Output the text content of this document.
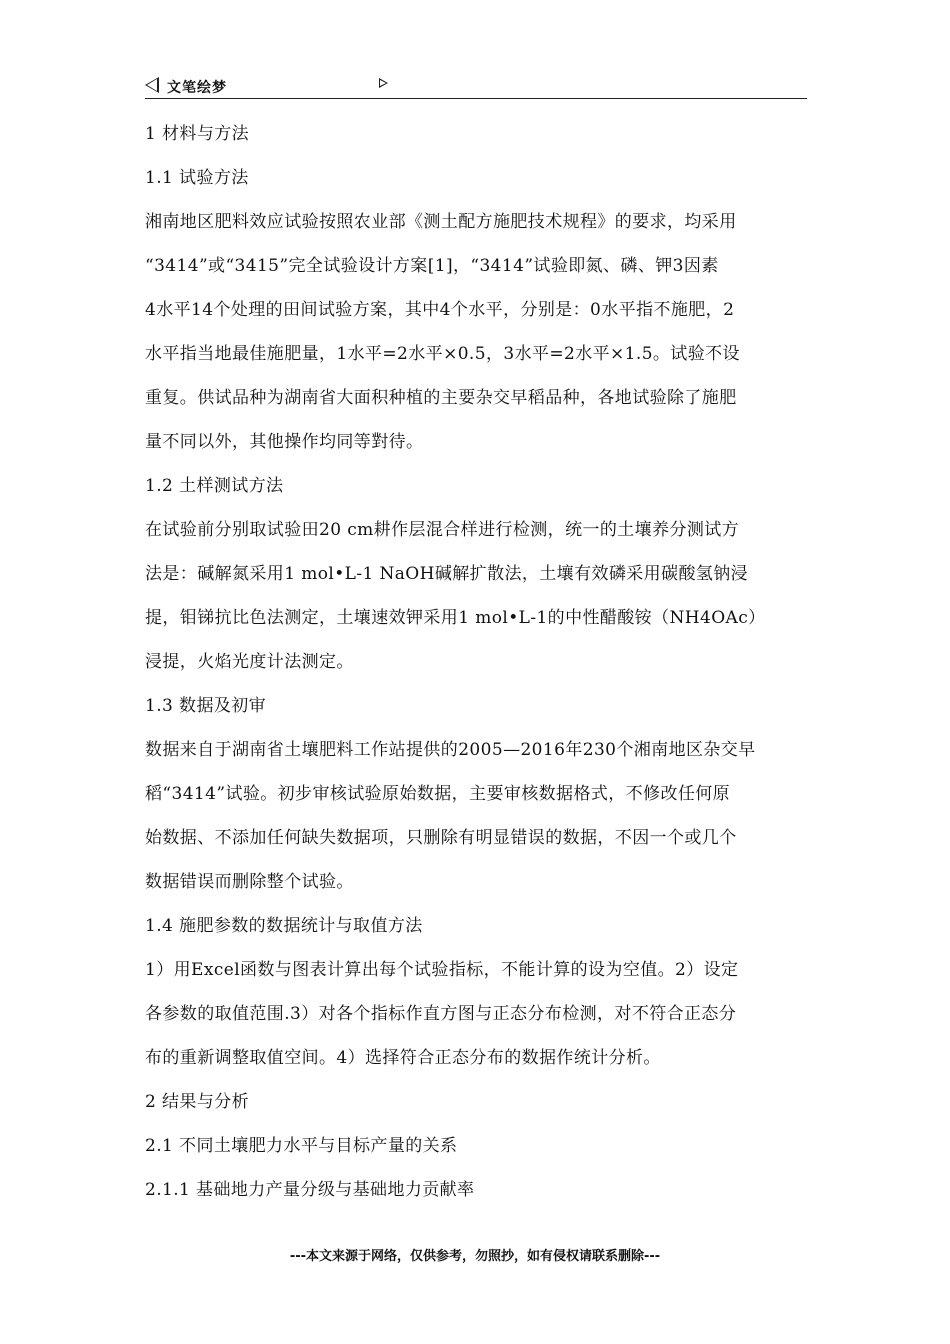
文笔绘梦
1 材料与方法
1.1 试验方法
湘南地区肥料效应试验按照农业部《测土配方施肥技术规程》的要求，均采用
“3414”或“3415”完全试验设计方案[1]，“3414”试验即氮、磷、钾3因素
4水平14个处理的田间试验方案，其中4个水平，分别是：0水平指不施肥，2
水平指当地最佳施肥量，1水平=2水平×0.5，3水平=2水平×1.5。试验不设
重复。供试品种为湖南省大面积种植的主要杂交早稻品种，各地试验除了施肥
量不同以外，其他操作均同等對待。
1.2 土样测试方法
在试验前分别取试验田20 cm耕作层混合样进行检测，统一的土壤养分测试方
法是：碱解氮采用1 mol•L-1 NaOH碱解扩散法，土壤有效磷采用碳酸氢钠浸
提，钼锑抗比色法测定，土壤速效钾采用1 mol•L-1的中性醋酸铵（NH4OAc）
浸提，火焰光度计法测定。
1.3 数据及初审
数据来自于湖南省土壤肥料工作站提供的2005—2016年230个湘南地区杂交早
稻“3414”试验。初步审核试验原始数据，主要审核数据格式，不修改任何原
始数据、不添加任何缺失数据项，只删除有明显错误的数据，不因一个或几个
数据错误而删除整个试验。
1.4 施肥参数的数据统计与取值方法
1）用Excel函数与图表计算出每个试验指标，不能计算的设为空值。2）设定
各参数的取值范围.3）对各个指标作直方图与正态分布检测，对不符合正态分
布的重新调整取值空间。4）选择符合正态分布的数据作统计分析。
2 结果与分析
2.1 不同土壤肥力水平与目标产量的关系
2.1.1 基础地力产量分级与基础地力贡献率
---本文来源于网络，仅供参考，勿照抄，如有侵权请联系删除---
